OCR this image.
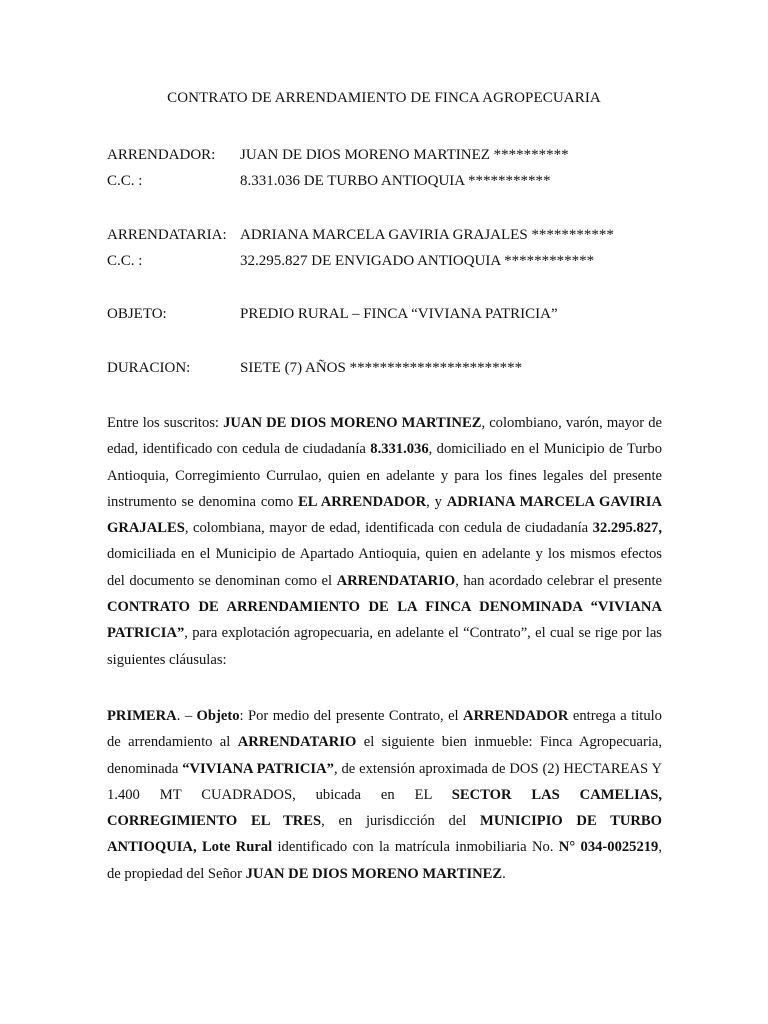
CONTRATO DE ARRENDAMIENTO DE FINCA AGROPECUARIA
ARRENDADOR:	JUAN DE DIOS MORENO MARTINEZ **********
C.C. :	8.331.036 DE TURBO ANTIOQUIA ***********
ARRENDATARIA: ADRIANA MARCELA GAVIRIA GRAJALES ***********
C.C. :	32.295.827 DE ENVIGADO ANTIOQUIA ************
OBJETO:	PREDIO RURAL – FINCA “VIVIANA PATRICIA”
DURACION:	SIETE (7) AÑOS ***********************

Entre los suscritos: JUAN DE DIOS MORENO MARTINEZ, colombiano, varón, mayor de edad, identificado con cedula de ciudadanía 8.331.036, domiciliado en el Municipio de Turbo Antioquia, Corregimiento Currulao, quien en adelante y para los fines legales del presente instrumento se denomina como EL ARRENDADOR, y ADRIANA MARCELA GAVIRIA GRAJALES, colombiana, mayor de edad, identificada con cedula de ciudadanía 32.295.827, domiciliada en el Municipio de Apartado Antioquia, quien en adelante y los mismos efectos del documento se denominan como el ARRENDATARIO, han acordado celebrar el presente CONTRATO DE ARRENDAMIENTO DE LA FINCA DENOMINADA “VIVIANA PATRICIA”, para explotación agropecuaria, en adelante el “Contrato”, el cual se rige por las siguientes cláusulas:

PRIMERA. – Objeto: Por medio del presente Contrato, el ARRENDADOR entrega a titulo de arrendamiento al ARRENDATARIO el siguiente bien inmueble: Finca Agropecuaria, denominada “VIVIANA PATRICIA”, de extensión aproximada de DOS (2) HECTAREAS Y 1.400 MT CUADRADOS, ubicada en EL SECTOR LAS CAMELIAS, CORREGIMIENTO EL TRES, en jurisdicción del MUNICIPIO DE TURBO ANTIOQUIA, Lote Rural identificado con la matrícula inmobiliaria No. N° 034-0025219, de propiedad del Señor JUAN DE DIOS MORENO MARTINEZ.
